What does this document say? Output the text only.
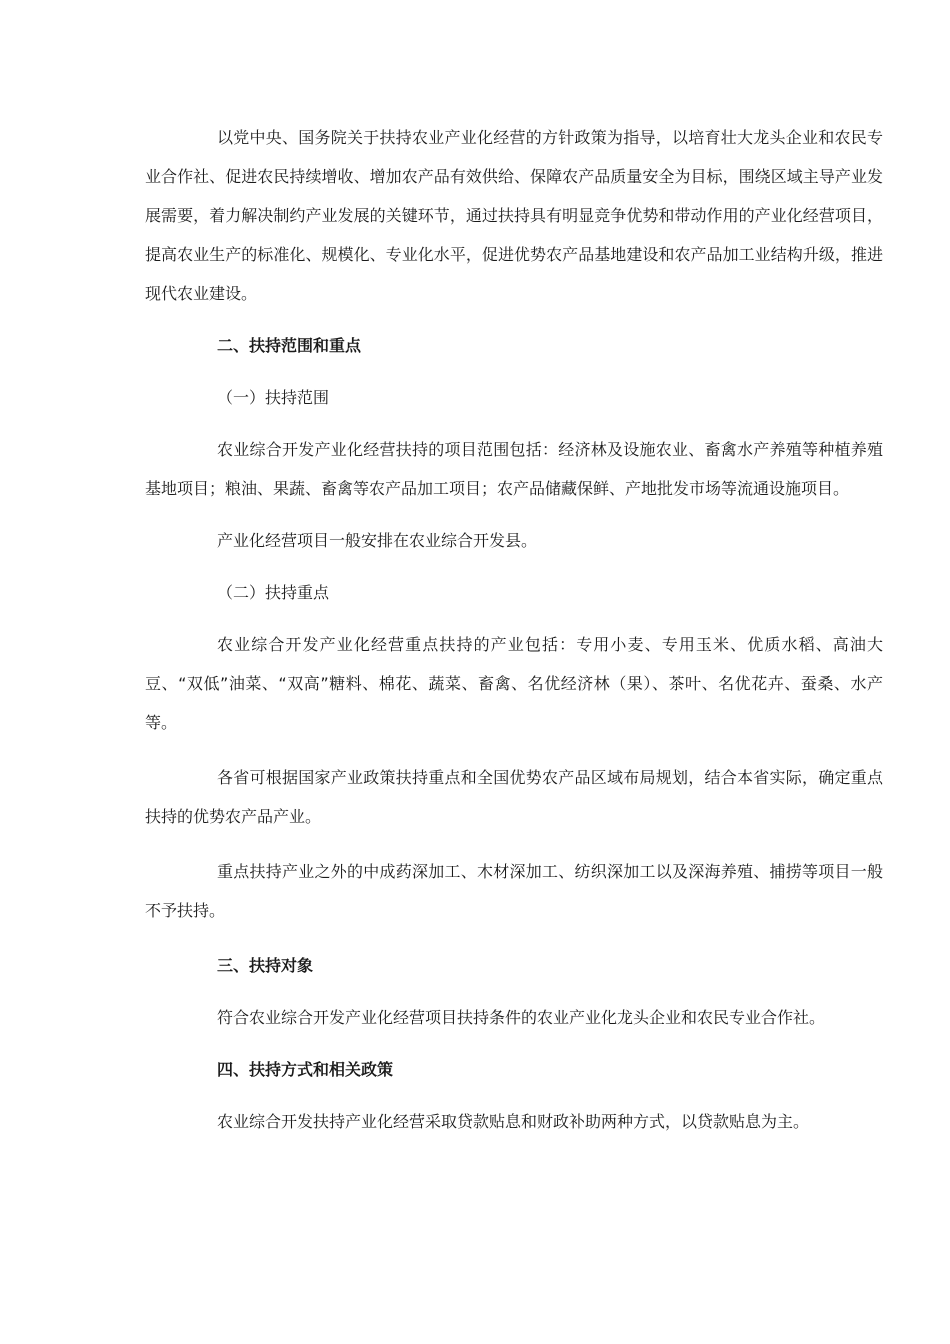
以党中央、国务院关于扶持农业产业化经营的方针政策为指导，以培育壮大龙头企业和农民专业合作社、促进农民持续增收、增加农产品有效供给、保障农产品质量安全为目标，围绕区域主导产业发展需要，着力解决制约产业发展的关键环节，通过扶持具有明显竞争优势和带动作用的产业化经营项目，提高农业生产的标准化、规模化、专业化水平，促进优势农产品基地建设和农产品加工业结构升级，推进现代农业建设。

二、扶持范围和重点

（一）扶持范围

农业综合开发产业化经营扶持的项目范围包括：经济林及设施农业、畜禽水产养殖等种植养殖基地项目；粮油、果蔬、畜禽等农产品加工项目；农产品储藏保鲜、产地批发市场等流通设施项目。

产业化经营项目一般安排在农业综合开发县。

（二）扶持重点

农业综合开发产业化经营重点扶持的产业包括：专用小麦、专用玉米、优质水稻、高油大豆、“双低”油菜、“双高”糖料、棉花、蔬菜、畜禽、名优经济林（果）、茶叶、名优花卉、蚕桑、水产等。

各省可根据国家产业政策扶持重点和全国优势农产品区域布局规划，结合本省实际，确定重点扶持的优势农产品产业。

重点扶持产业之外的中成药深加工、木材深加工、纺织深加工以及深海养殖、捕捞等项目一般不予扶持。

三、扶持对象

符合农业综合开发产业化经营项目扶持条件的农业产业化龙头企业和农民专业合作社。

四、扶持方式和相关政策

农业综合开发扶持产业化经营采取贷款贴息和财政补助两种方式，以贷款贴息为主。
